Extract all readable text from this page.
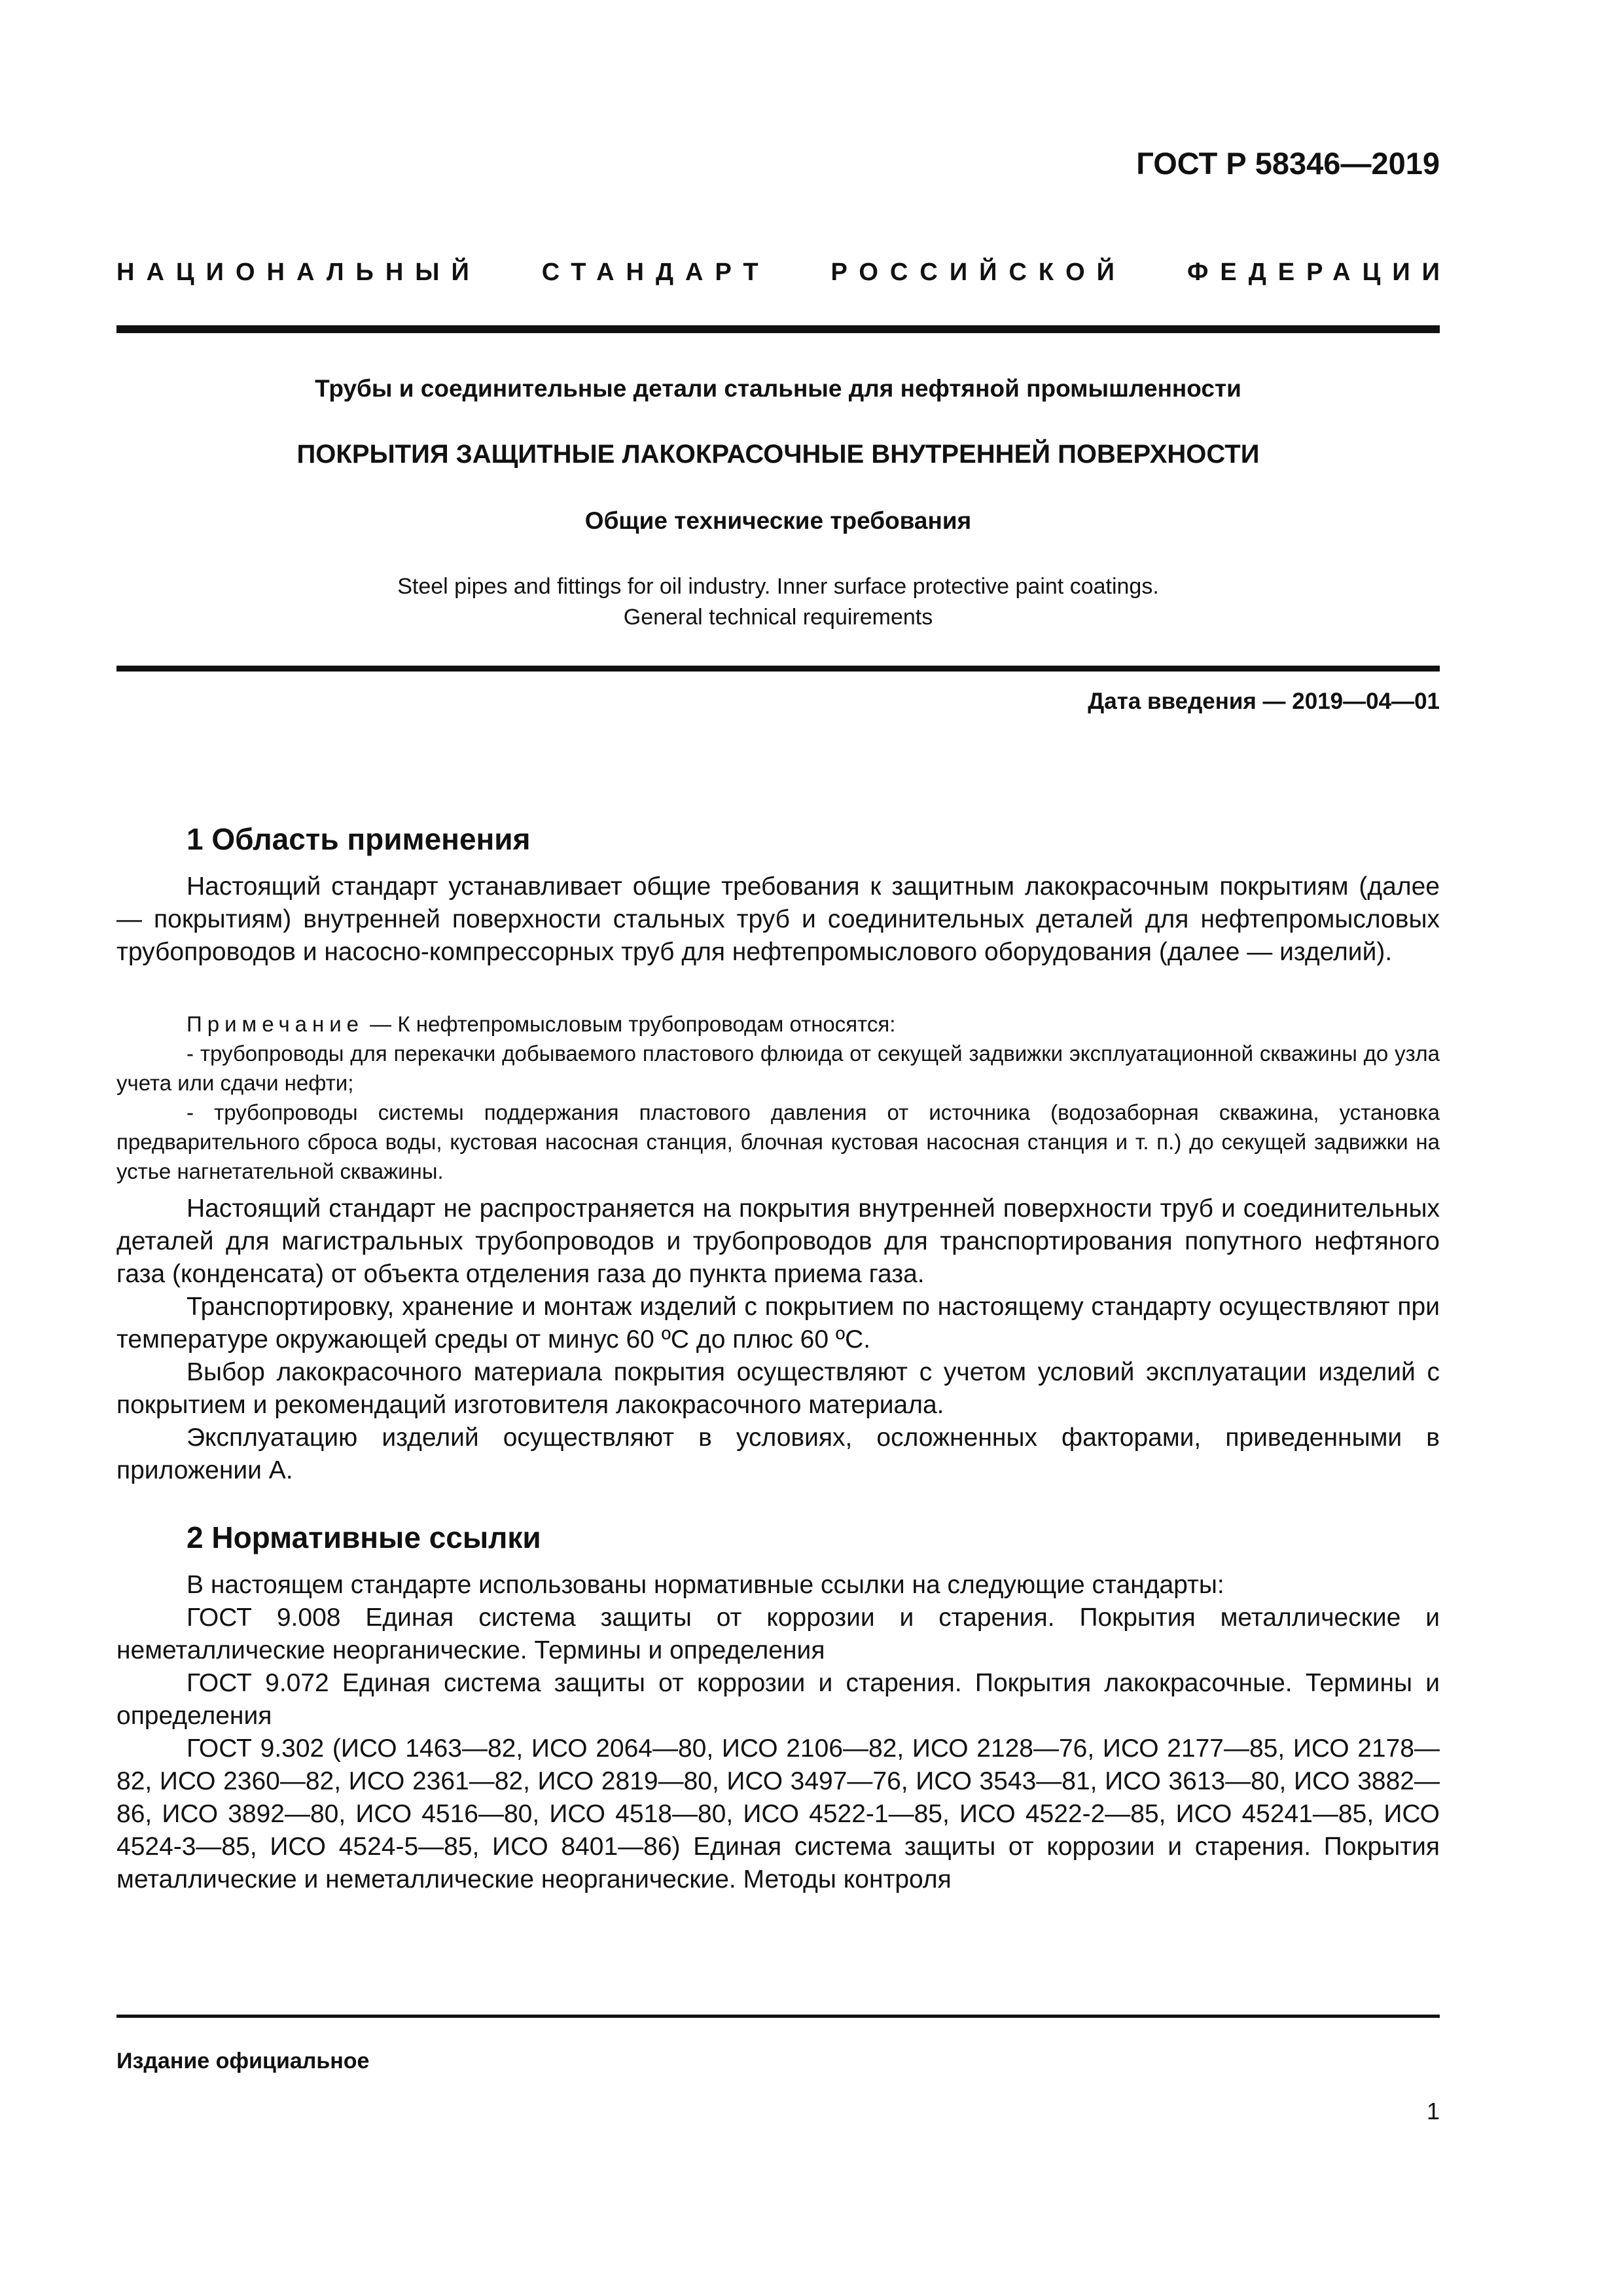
ГОСТ Р 58346—2019
НАЦИОНАЛЬНЫЙ СТАНДАРТ РОССИЙСКОЙ ФЕДЕРАЦИИ
Трубы и соединительные детали стальные для нефтяной промышленности
ПОКРЫТИЯ ЗАЩИТНЫЕ ЛАКОКРАСОЧНЫЕ ВНУТРЕННЕЙ ПОВЕРХНОСТИ
Общие технические требования
Steel pipes and fittings for oil industry. Inner surface protective paint coatings.
General technical requirements
Дата введения — 2019—04—01
1 Область применения

Настоящий стандарт устанавливает общие требования к защитным лакокрасочным покрытиям (далее — покрытиям) внутренней поверхности стальных труб и соединительных деталей для нефтепромысловых трубопроводов и насосно-компрессорных труб для нефтепромыслового оборудования (далее — изделий).

Примечание — К нефтепромысловым трубопроводам относятся:

- трубопроводы для перекачки добываемого пластового флюида от секущей задвижки эксплуатационной скважины до узла учета или сдачи нефти;

- трубопроводы системы поддержания пластового давления от источника (водозаборная скважина, установка предварительного сброса воды, кустовая насосная станция, блочная кустовая насосная станция и т. п.) до секущей задвижки на устье нагнетательной скважины.

Настоящий стандарт не распространяется на покрытия внутренней поверхности труб и соединительных деталей для магистральных трубопроводов и трубопроводов для транспортирования попутного нефтяного газа (конденсата) от объекта отделения газа до пункта приема газа.

Транспортировку, хранение и монтаж изделий с покрытием по настоящему стандарту осуществляют при температуре окружающей среды от минус 60 ºС до плюс 60 ºС.

Выбор лакокрасочного материала покрытия осуществляют с учетом условий эксплуатации изделий с покрытием и рекомендаций изготовителя лакокрасочного материала.

Эксплуатацию изделий осуществляют в условиях, осложненных факторами, приведенными в приложении А.

2 Нормативные ссылки

В настоящем стандарте использованы нормативные ссылки на следующие стандарты:

ГОСТ 9.008 Единая система защиты от коррозии и старения. Покрытия металлические и неметаллические неорганические. Термины и определения

ГОСТ 9.072 Единая система защиты от коррозии и старения. Покрытия лакокрасочные. Термины и определения

ГОСТ 9.302 (ИСО 1463—82, ИСО 2064—80, ИСО 2106—82, ИСО 2128—76, ИСО 2177—85, ИСО 2178—82, ИСО 2360—82, ИСО 2361—82, ИСО 2819—80, ИСО 3497—76, ИСО 3543—81, ИСО 3613—80, ИСО 3882—86, ИСО 3892—80, ИСО 4516—80, ИСО 4518—80, ИСО 4522-1—85, ИСО 4522-2—85, ИСО 45241—85, ИСО 4524-3—85, ИСО 4524-5—85, ИСО 8401—86) Единая система защиты от коррозии и старения. Покрытия металлические и неметаллические неорганические. Методы контроля

Издание официальное
1
